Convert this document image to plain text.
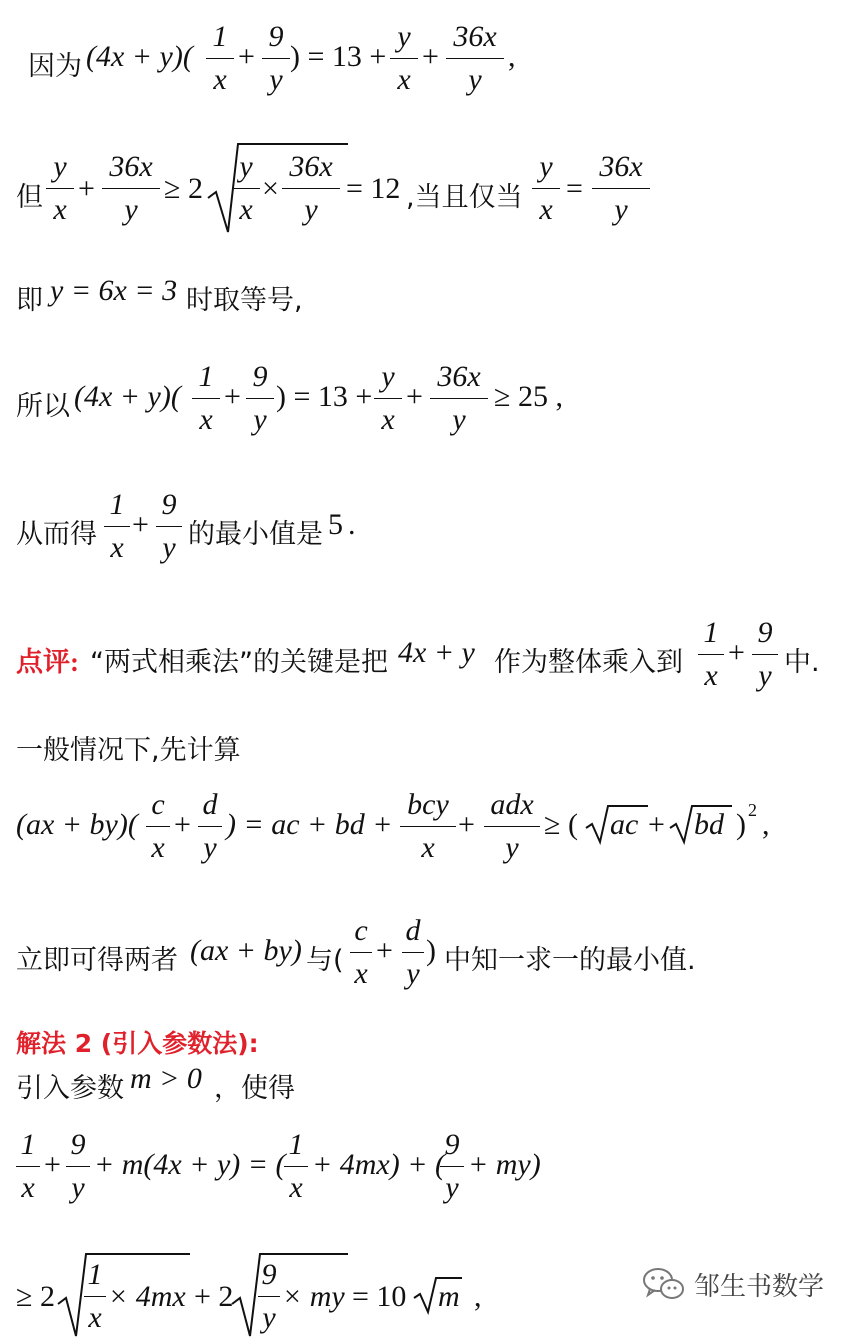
因为 (4x + y)(
1
x
+
9
y
) = 13 +
y
x
+
36x
y
,
但
y
x
+
36x
y
≥ 2
y
x
×
36x
y
= 12 ,当且仅当
y
x
=
36x
y
即 y = 6x = 3 时取等号,
所以 (4x + y)(
1
x
+
9
y
) = 13 +
y
x
+
36x
y
≥ 25 ,
从而得
1
x
+
9
y 的最小值是 5 .
点评: “两式相乘法”的关键是把 4x + y 作为整体乘入到
1
x
+
9
y 中.
一般情况下,先计算
(ax + by)(
c
x
+
d
y
) = ac + bd +
bcy
x
+
adx
y
≥ ( ac + bd ) 2 ,
立即可得两者 (ax + by) 与(
c
x
+
d
y
) 中知一求一的最小值.
解法 2 (引入参数法):
引入参数 m > 0 ，使得
1
x
+
9
y
+ m(4x + y) = (
1
x
+ 4mx) + (
9
y
+ my)
≥ 2
1
x
× 4mx + 2
9
y
× my = 10 m ,	邹生书数学
